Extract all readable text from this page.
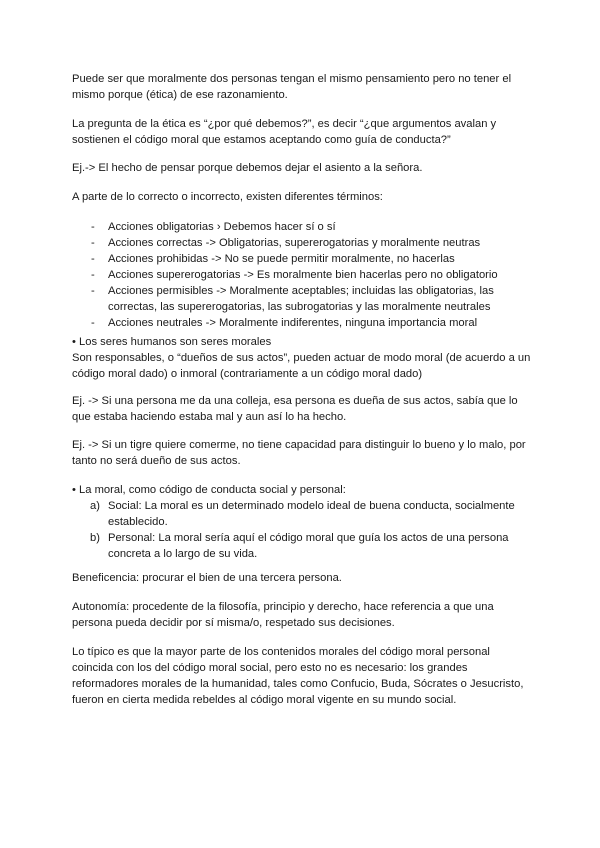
Puede ser que moralmente dos personas tengan el mismo pensamiento pero no tener el mismo porque (ética) de ese razonamiento.

La pregunta de la ética es “¿por qué debemos?”, es decir “¿que argumentos avalan y sostienen el código moral que estamos aceptando como guía de conducta?”

Ej.-> El hecho de pensar porque debemos dejar el asiento a la señora.

A parte de lo correcto o incorrecto, existen diferentes términos:

- Acciones obligatorias › Debemos hacer sí o sí
- Acciones correctas -> Obligatorias, supererogatorias y moralmente neutras
- Acciones prohibidas -> No se puede permitir moralmente, no hacerlas
- Acciones supererogatorias -> Es moralmente bien hacerlas pero no obligatorio
- Acciones permisibles -> Moralmente aceptables; incluidas las obligatorias, las correctas, las supererogatorias, las subrogatorias y las moralmente neutrales
- Acciones neutrales -> Moralmente indiferentes, ninguna importancia moral

• Los seres humanos son seres morales

Son responsables, o “dueños de sus actos”, pueden actuar de modo moral (de acuerdo a un código moral dado) o inmoral (contrariamente a un código moral dado)

Ej. -> Si una persona me da una colleja, esa persona es dueña de sus actos, sabía que lo que estaba haciendo estaba mal y aun así lo ha hecho.

Ej. -> Si un tigre quiere comerme, no tiene capacidad para distinguir lo bueno y lo malo, por tanto no será dueño de sus actos.

• La moral, como código de conducta social y personal:

a) Social: La moral es un determinado modelo ideal de buena conducta, socialmente establecido.
b) Personal: La moral sería aquí el código moral que guía los actos de una persona concreta a lo largo de su vida.

Beneficencia: procurar el bien de una tercera persona.

Autonomía: procedente de la filosofía, principio y derecho, hace referencia a que una persona pueda decidir por sí misma/o, respetado sus decisiones.

Lo típico es que la mayor parte de los contenidos morales del código moral personal coincida con los del código moral social, pero esto no es necesario: los grandes reformadores morales de la humanidad, tales como Confucio, Buda, Sócrates o Jesucristo, fueron en cierta medida rebeldes al código moral vigente en su mundo social.
